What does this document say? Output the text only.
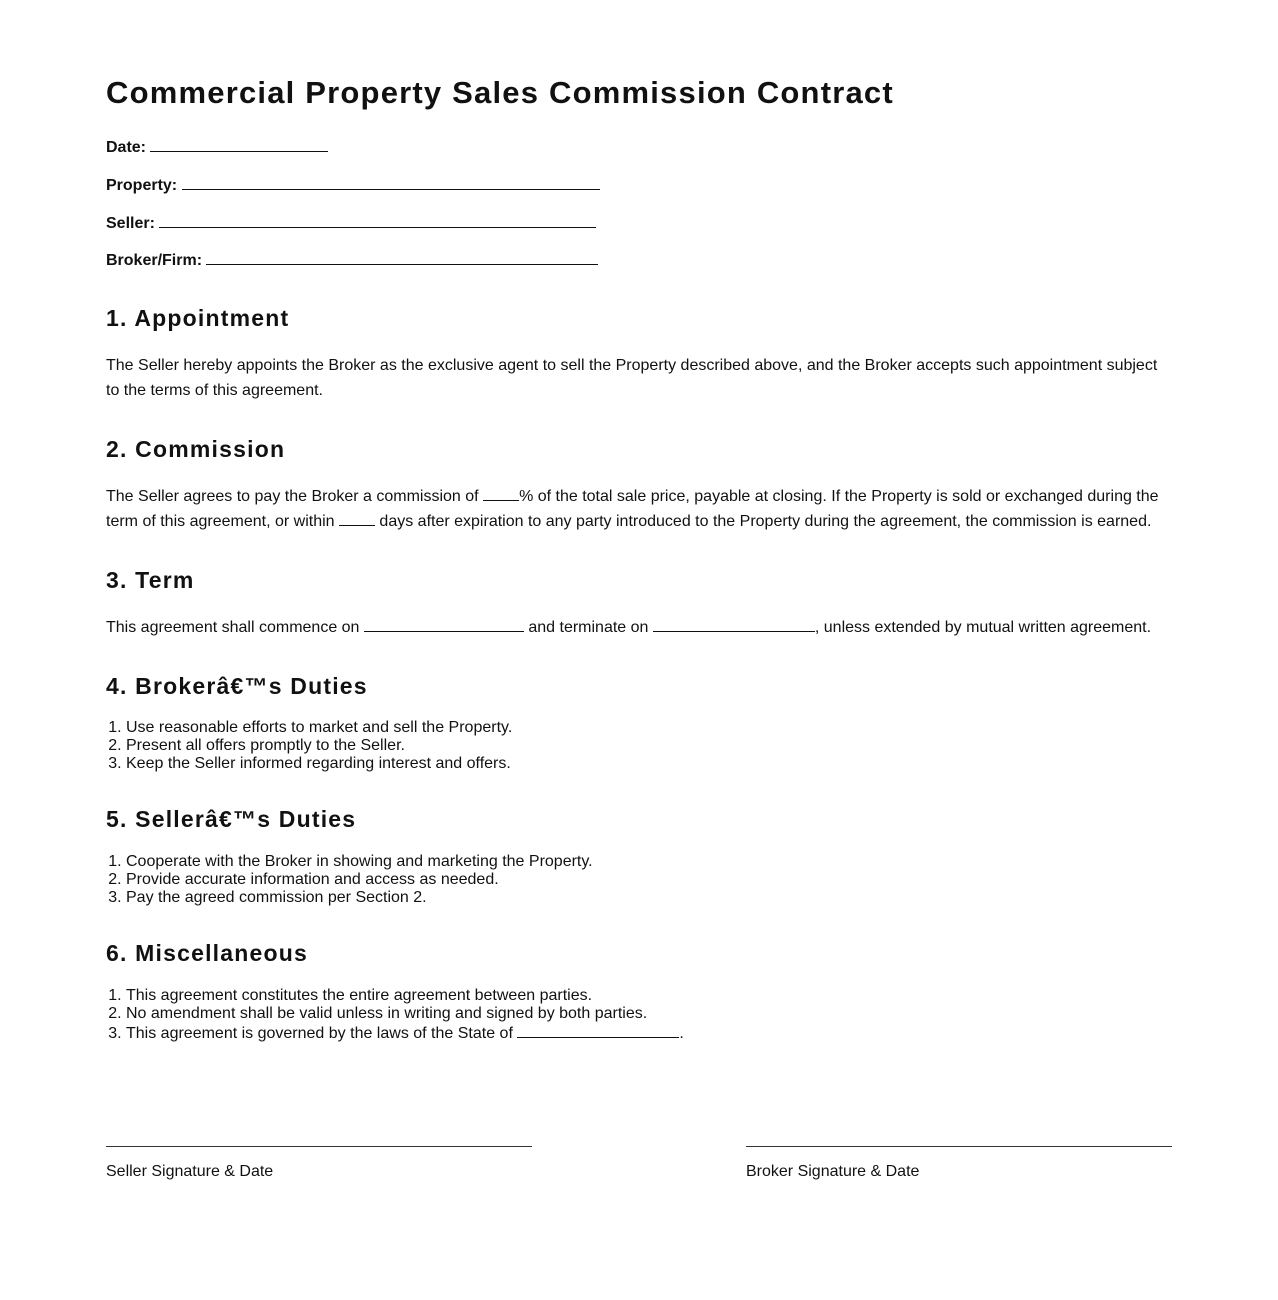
Commercial Property Sales Commission Contract
Date:
Property:
Seller:
Broker/Firm:
1. Appointment

The Seller hereby appoints the Broker as the exclusive agent to sell the Property described above, and the Broker accepts such appointment subject to the terms of this agreement.

2. Commission

The Seller agrees to pay the Broker a commission of % of the total sale price, payable at closing. If the Property is sold or exchanged during the term of this agreement, or within  days after expiration to any party introduced to the Property during the agreement, the commission is earned.

3. Term

This agreement shall commence on	and terminate on	, unless extended by mutual written agreement.

4. Brokerâ€™s Duties
1. Use reasonable efforts to market and sell the Property.
2. Present all offers promptly to the Seller.
3. Keep the Seller informed regarding interest and offers.
5. Sellerâ€™s Duties
1. Cooperate with the Broker in showing and marketing the Property.
2. Provide accurate information and access as needed.
3. Pay the agreed commission per Section 2.
6. Miscellaneous
1. This agreement constitutes the entire agreement between parties.
2. No amendment shall be valid unless in writing and signed by both parties.
3. This agreement is governed by the laws of the State of	.
Seller Signature & Date	Broker Signature & Date
